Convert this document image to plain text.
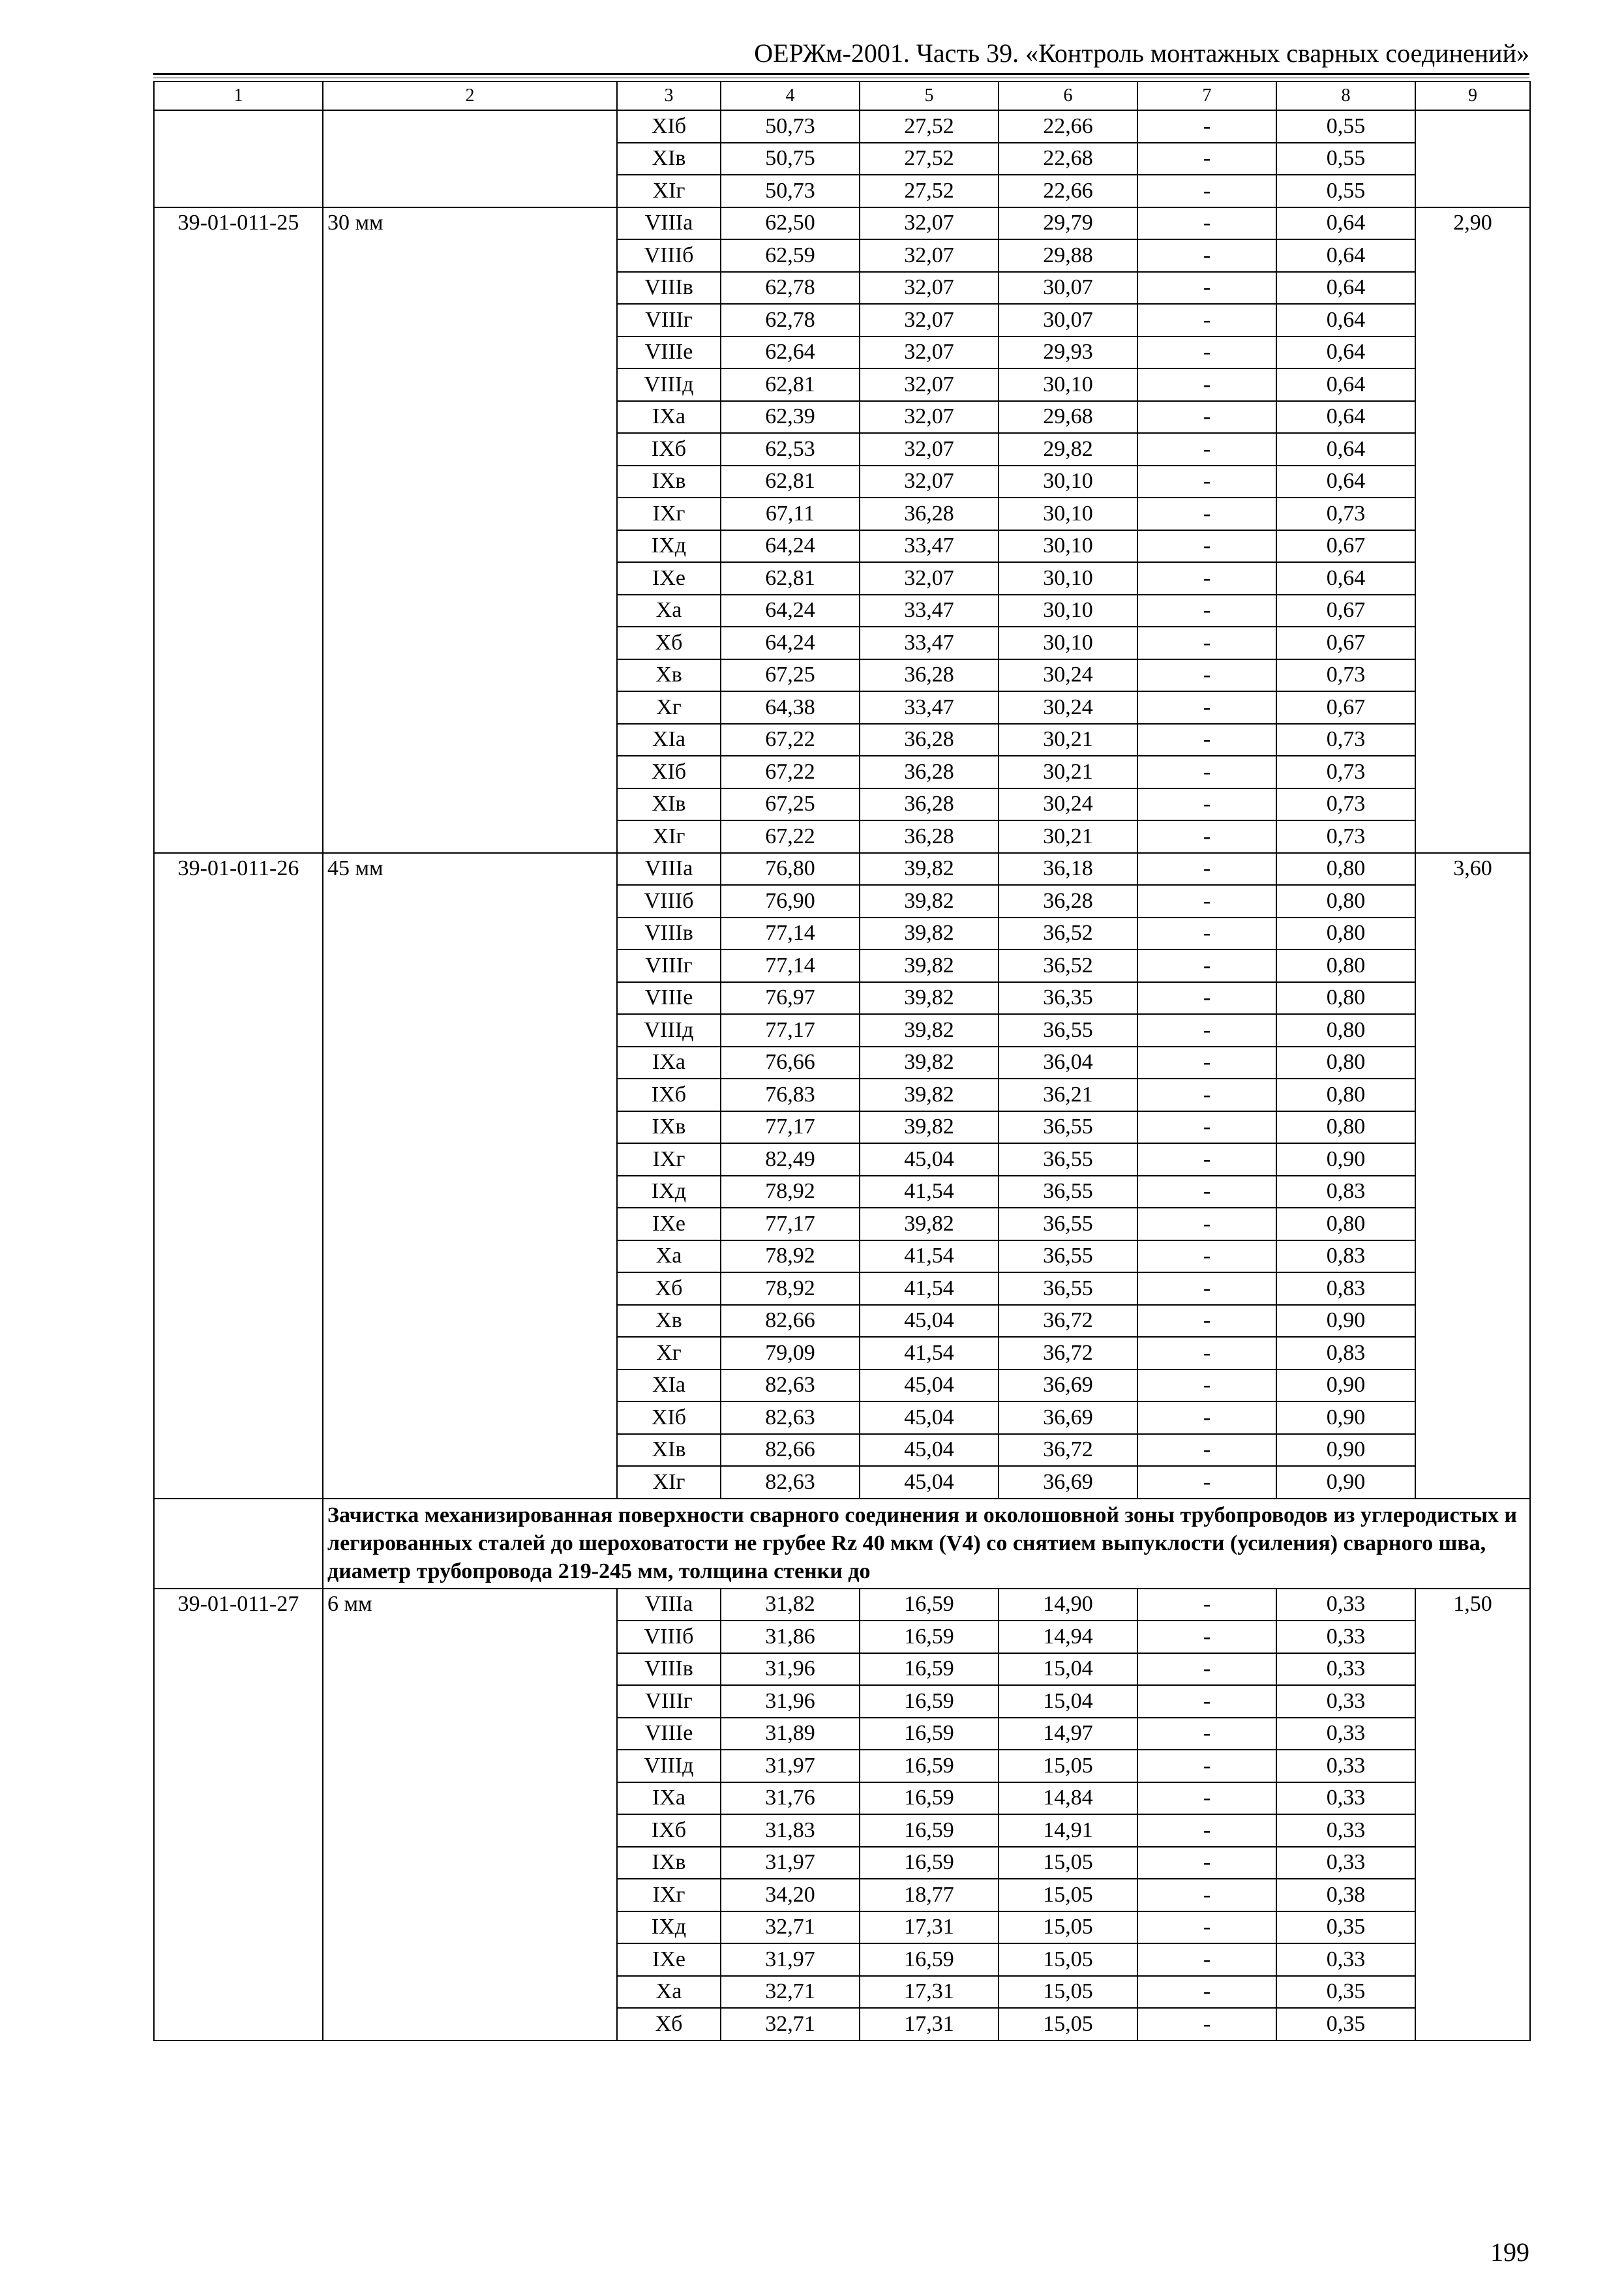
ОЕРЖм-2001. Часть 39. «Контроль монтажных сварных соединений»
1	2	3	4	5	6	7	8	9
		XIб	50,73	27,52	22,66	-	0,55	
		XIв	50,75	27,52	22,68	-	0,55	
		XIг	50,73	27,52	22,66	-	0,55	
39-01-011-25	30 мм	VIIIа	62,50	32,07	29,79	-	0,64	2,90
		VIIIб	62,59	32,07	29,88	-	0,64	
		VIIIв	62,78	32,07	30,07	-	0,64	
		VIIIг	62,78	32,07	30,07	-	0,64	
		VIIIе	62,64	32,07	29,93	-	0,64	
		VIIIд	62,81	32,07	30,10	-	0,64	
		IXа	62,39	32,07	29,68	-	0,64	
		IXб	62,53	32,07	29,82	-	0,64	
		IXв	62,81	32,07	30,10	-	0,64	
		IXг	67,11	36,28	30,10	-	0,73	
		IXд	64,24	33,47	30,10	-	0,67	
		IXе	62,81	32,07	30,10	-	0,64	
		Xа	64,24	33,47	30,10	-	0,67	
		Xб	64,24	33,47	30,10	-	0,67	
		Xв	67,25	36,28	30,24	-	0,73	
		Xг	64,38	33,47	30,24	-	0,67	
		XIа	67,22	36,28	30,21	-	0,73	
		XIб	67,22	36,28	30,21	-	0,73	
		XIв	67,25	36,28	30,24	-	0,73	
		XIг	67,22	36,28	30,21	-	0,73	
39-01-011-26	45 мм	VIIIа	76,80	39,82	36,18	-	0,80	3,60
		VIIIб	76,90	39,82	36,28	-	0,80	
		VIIIв	77,14	39,82	36,52	-	0,80	
		VIIIг	77,14	39,82	36,52	-	0,80	
		VIIIе	76,97	39,82	36,35	-	0,80	
		VIIIд	77,17	39,82	36,55	-	0,80	
		IXа	76,66	39,82	36,04	-	0,80	
		IXб	76,83	39,82	36,21	-	0,80	
		IXв	77,17	39,82	36,55	-	0,80	
		IXг	82,49	45,04	36,55	-	0,90	
		IXд	78,92	41,54	36,55	-	0,83	
		IXе	77,17	39,82	36,55	-	0,80	
		Xа	78,92	41,54	36,55	-	0,83	
		Xб	78,92	41,54	36,55	-	0,83	
		Xв	82,66	45,04	36,72	-	0,90	
		Xг	79,09	41,54	36,72	-	0,83	
		XIа	82,63	45,04	36,69	-	0,90	
		XIб	82,63	45,04	36,69	-	0,90	
		XIв	82,66	45,04	36,72	-	0,90	
		XIг	82,63	45,04	36,69	-	0,90	
	Зачистка механизированная поверхности сварного соединения и околошовной зоны трубопроводов из углеродистых и легированных сталей до шероховатости не грубее Rz 40 мкм (V4) со снятием выпуклости (усиления) сварного шва, диаметр трубопровода 219-245 мм, толщина стенки до							
39-01-011-27	6 мм	VIIIа	31,82	16,59	14,90	-	0,33	1,50
		VIIIб	31,86	16,59	14,94	-	0,33	
		VIIIв	31,96	16,59	15,04	-	0,33	
		VIIIг	31,96	16,59	15,04	-	0,33	
		VIIIе	31,89	16,59	14,97	-	0,33	
		VIIIд	31,97	16,59	15,05	-	0,33	
		IXа	31,76	16,59	14,84	-	0,33	
		IXб	31,83	16,59	14,91	-	0,33	
		IXв	31,97	16,59	15,05	-	0,33	
		IXг	34,20	18,77	15,05	-	0,38	
		IXд	32,71	17,31	15,05	-	0,35	
		IXе	31,97	16,59	15,05	-	0,33	
		Xа	32,71	17,31	15,05	-	0,35	
		Xб	32,71	17,31	15,05	-	0,35	
199
